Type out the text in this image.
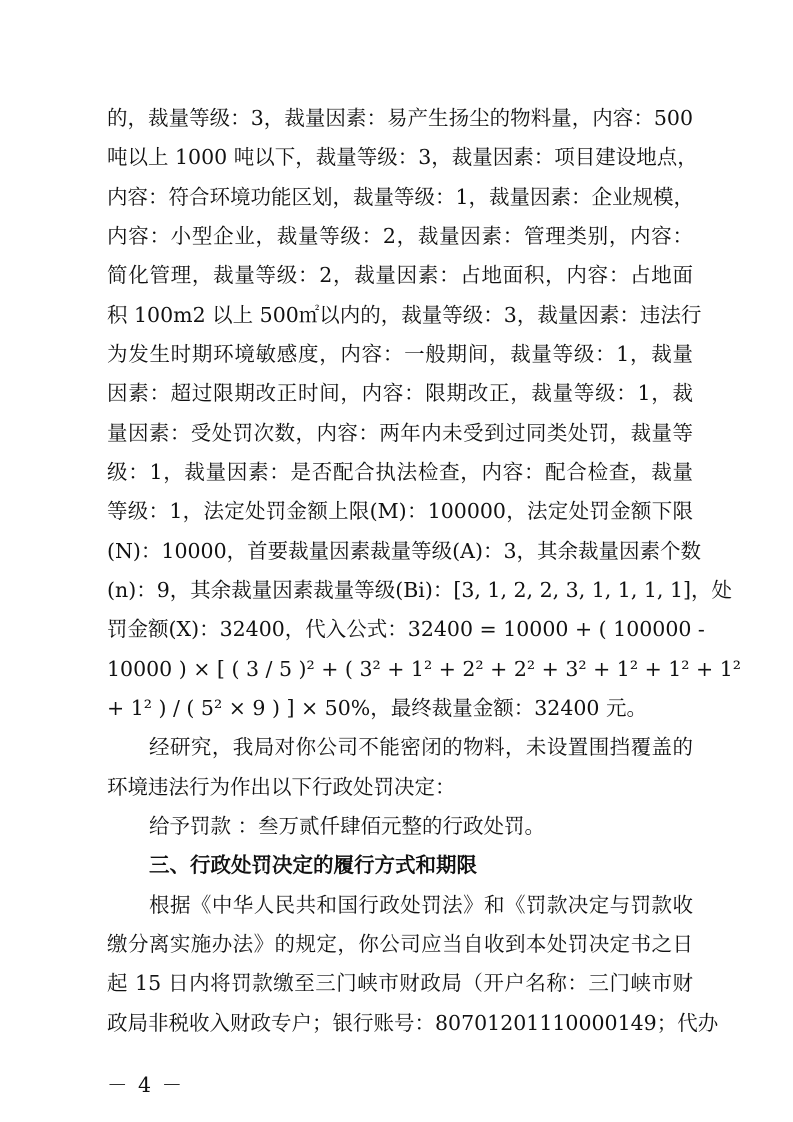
的，裁量等级：3，裁量因素：易产生扬尘的物料量，内容：500
吨以上 1000 吨以下，裁量等级：3，裁量因素：项目建设地点，
内容：符合环境功能区划，裁量等级：1，裁量因素：企业规模，
内容：小型企业，裁量等级：2，裁量因素：管理类别，内容：
简化管理，裁量等级：2，裁量因素：占地面积，内容：占地面
积 100m2 以上 500㎡以内的，裁量等级：3，裁量因素：违法行
为发生时期环境敏感度，内容：一般期间，裁量等级：1，裁量
因素：超过限期改正时间，内容：限期改正，裁量等级：1，裁
量因素：受处罚次数，内容：两年内未受到过同类处罚，裁量等
级：1，裁量因素：是否配合执法检查，内容：配合检查，裁量
等级：1，法定处罚金额上限(M)：100000，法定处罚金额下限
(N)：10000，首要裁量因素裁量等级(A)：3，其余裁量因素个数
(n)：9，其余裁量因素裁量等级(Bi)：[3, 1, 2, 2, 3, 1, 1, 1, 1]，处
罚金额(X)：32400，代入公式：32400 = 10000 + ( 100000 -
10000 ) × [ ( 3 / 5 )² + ( 3² + 1² + 2² + 2² + 3² + 1² + 1² + 1²
+ 1² ) / ( 5² × 9 ) ] × 50%，最终裁量金额：32400 元。
经研究，我局对你公司不能密闭的物料，未设置围挡覆盖的
环境违法行为作出以下行政处罚决定：
给予罚款 ：叁万贰仟肆佰元整的行政处罚。
三、行政处罚决定的履行方式和期限
根据《中华人民共和国行政处罚法》和《罚款决定与罚款收
缴分离实施办法》的规定，你公司应当自收到本处罚决定书之日
起 15 日内将罚款缴至三门峡市财政局（开户名称：三门峡市财
政局非税收入财政专户；银行账号：80701201110000149；代办
－ 4 －
